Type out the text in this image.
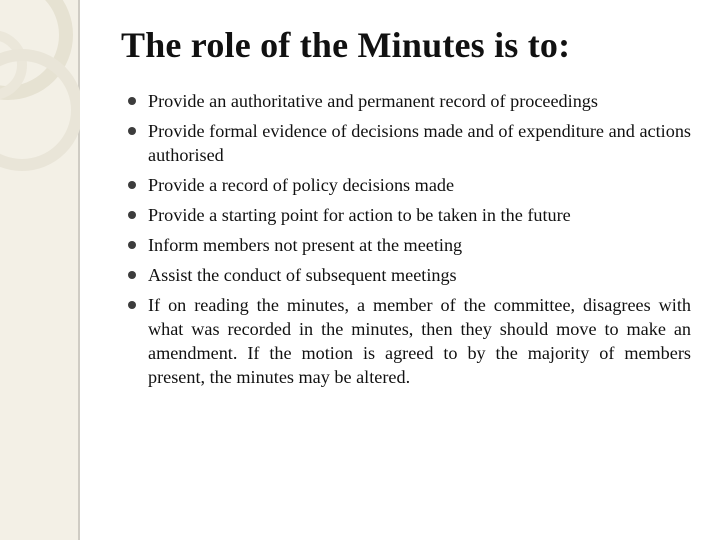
The role of the Minutes is to:
Provide an authoritative and permanent record of proceedings
Provide formal evidence of decisions made and of expenditure and actions authorised
Provide a record of policy decisions made
Provide a starting point for action to be taken in the future
Inform members not present at the meeting
Assist the conduct of subsequent meetings
If on reading the minutes, a member of the committee, disagrees with what was recorded in the minutes, then they should move to make an amendment. If the motion is agreed to by the majority of members present, the minutes may be altered.
